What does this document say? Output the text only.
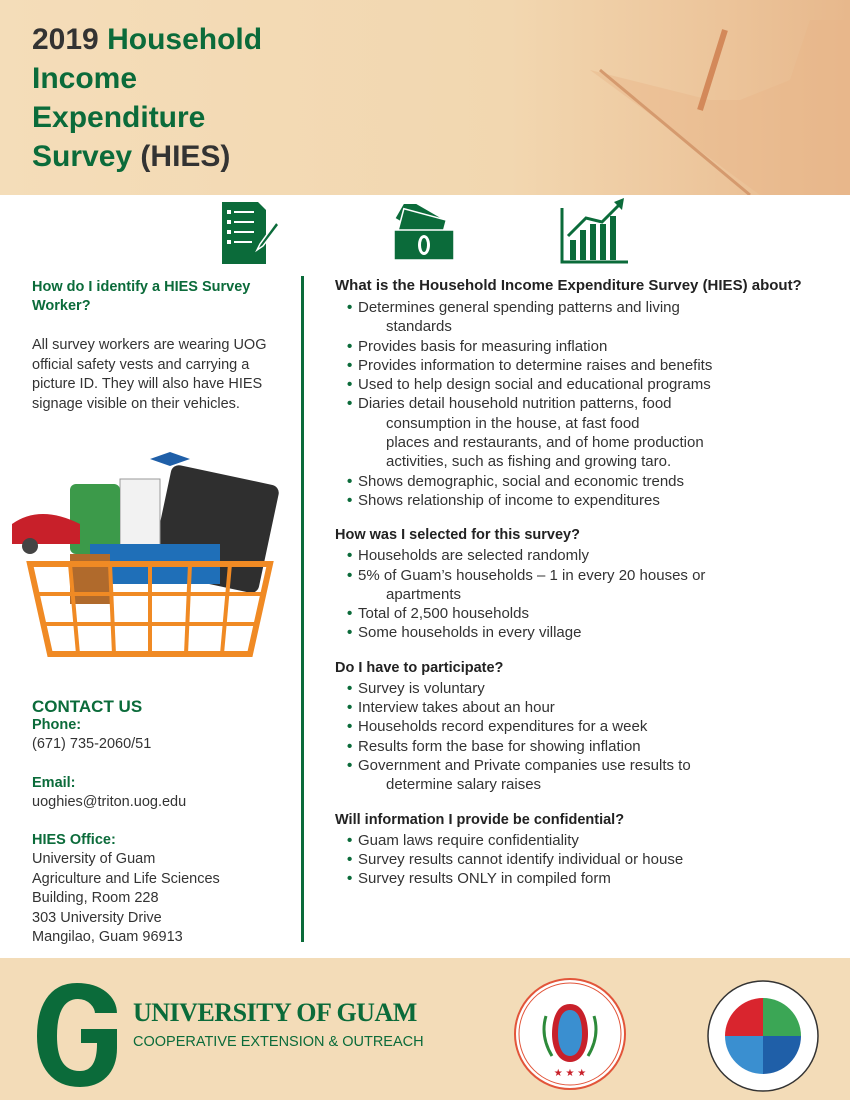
2019 Household
Income
Expenditure
Survey (HIES)
How do I identify a HIES Survey Worker?
All survey workers are wearing UOG official safety vests and carrying a picture ID. They will also have HIES signage visible on their vehicles.
CONTACT US
Phone:
(671) 735-2060/51
Email:
uoghies@triton.uog.edu
HIES Office:
University of Guam
Agriculture and Life Sciences
Building, Room 228
303 University Drive
Mangilao, Guam 96913
What is the Household Income Expenditure Survey (HIES) about?
• Determines general spending patterns and living
standards
• Provides basis for measuring inflation
• Provides information to determine raises and benefits
• Used to help design social and educational programs
• Diaries detail household nutrition patterns, food
consumption in the house, at fast food
places and restaurants, and of home production
activities, such as fishing and growing taro.
• Shows demographic, social and economic trends
• Shows relationship of income to expenditures
How was I selected for this survey?
• Households are selected randomly
• 5% of Guam’s households – 1 in every 20 houses or
apartments
• Total of 2,500 households
• Some households in every village
Do I have to participate?
• Survey is voluntary
• Interview takes about an hour
• Households record expenditures for a week
• Results form the base for showing inflation
• Government and Private companies use results to
determine salary raises
Will information I provide be confidential?
• Guam laws require confidentiality
• Survey results cannot identify individual or house
• Survey results ONLY in compiled form
UNIVERSITY OF GUAM
COOPERATIVE EXTENSION & OUTREACH
★ ★ ★
